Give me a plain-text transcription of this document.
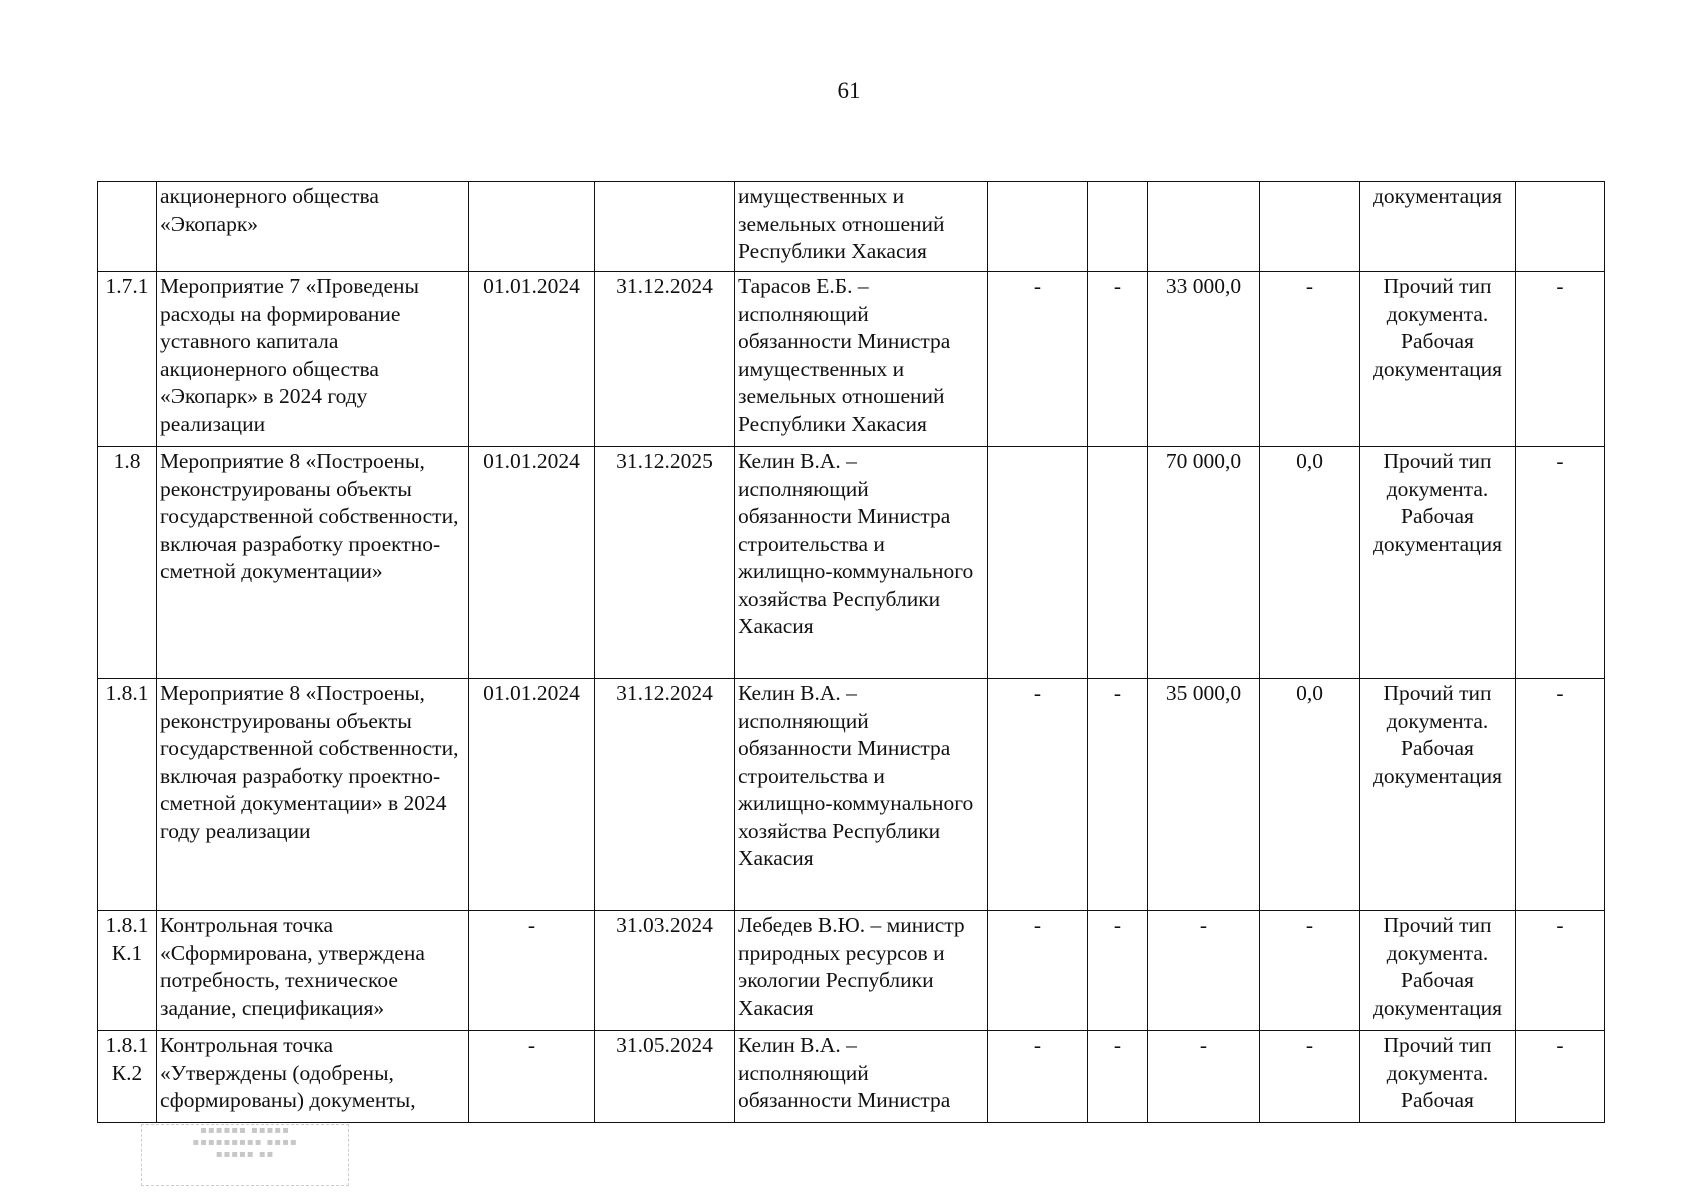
61
	акционерного общества «Экопарк»			имущественных и земельных отношений Республики Хакасия					документация	
1.7.1	Мероприятие 7 «Проведены расходы на формирование уставного капитала акционерного общества «Экопарк» в 2024 году реализации	01.01.2024	31.12.2024	Тарасов Е.Б. – исполняющий обязанности Министра имущественных и земельных отношений Республики Хакасия	-	-	33 000,0	-	Прочий тип документа. Рабочая документация	-
1.8	Мероприятие 8 «Построены, реконструированы объекты государственной собственности, включая разработку проектно-сметной документации»	01.01.2024	31.12.2025	Келин В.А. – исполняющий обязанности Министра строительства и жилищно-коммунального хозяйства Республики Хакасия			70 000,0	0,0	Прочий тип документа. Рабочая документация	-
1.8.1	Мероприятие 8 «Построены, реконструированы объекты государственной собственности, включая разработку проектно-сметной документации» в 2024 году реализации	01.01.2024	31.12.2024	Келин В.А. – исполняющий обязанности Министра строительства и жилищно-коммунального хозяйства Республики Хакасия	-	-	35 000,0	0,0	Прочий тип документа. Рабочая документация	-
1.8.1 К.1	Контрольная точка «Сформирована, утверждена потребность, техническое задание, спецификация»	-	31.03.2024	Лебедев В.Ю. – министр природных ресурсов и экологии Республики Хакасия	-	-	-	-	Прочий тип документа. Рабочая документация	-
1.8.1 К.2	Контрольная точка «Утверждены (одобрены, сформированы) документы,	-	31.05.2024	Келин В.А. – исполняющий обязанности Министра	-	-	-	-	Прочий тип документа. Рабочая	-
▪▪▪▪▪▪ ▪▪▪▪▪
▪▪▪▪▪▪▪▪▪ ▪▪▪▪
▪▪▪▪▪ ▪▪
